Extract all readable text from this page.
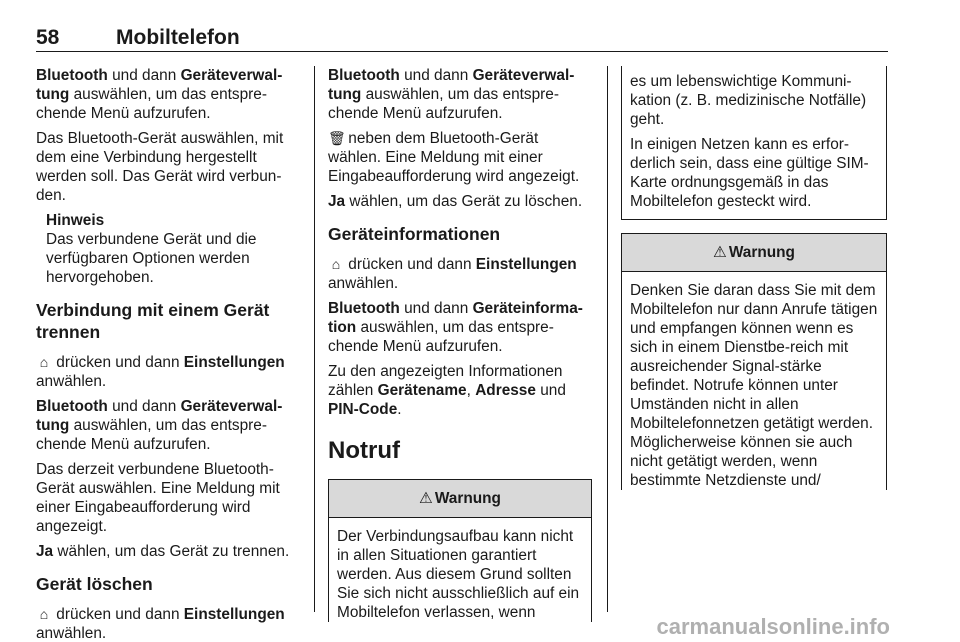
58	Mobiltelefon

Bluetooth und dann Geräteverwal- tung auswählen, um das entspre- chende Menü aufzurufen.

Das Bluetooth-Gerät auswählen, mit dem eine Verbindung hergestellt werden soll. Das Gerät wird verbun-den.

Hinweis
Das verbundene Gerät und die verfügbaren Optionen werden hervorgehoben.
Verbindung mit einem Gerät trennen

⌂ drücken und dann Einstellungen anwählen.

Bluetooth und dann Geräteverwal- tung auswählen, um das entspre- chende Menü aufzurufen.

Das derzeit verbundene Bluetooth-Gerät auswählen. Eine Meldung mit einer Eingabeaufforderung wird angezeigt.

Ja wählen, um das Gerät zu trennen.

Gerät löschen

⌂ drücken und dann Einstellungen anwählen.

Bluetooth und dann Geräteverwal- tung auswählen, um das entspre- chende Menü aufzurufen.

🗑 neben dem Bluetooth-Gerät wählen. Eine Meldung mit einer Eingabeaufforderung wird angezeigt.

Ja wählen, um das Gerät zu löschen.

Geräteinformationen

⌂ drücken und dann Einstellungen anwählen.

Bluetooth und dann Geräteinforma- tion auswählen, um das entspre- chende Menü aufzurufen.

Zu den angezeigten Informationen zählen Gerätename, Adresse und PIN-Code.

Notruf
⚠ Warnung
Der Verbindungsaufbau kann nicht in allen Situationen garantiert werden. Aus diesem Grund sollten Sie sich nicht ausschließlich auf ein Mobiltelefon verlassen, wenn

es um lebenswichtige Kommuni-kation (z. B. medizinische Notfälle) geht.

In einigen Netzen kann es erfor-derlich sein, dass eine gültige SIM-Karte ordnungsgemäß in das Mobiltelefon gesteckt wird.

⚠ Warnung
Denken Sie daran dass Sie mit dem Mobiltelefon nur dann Anrufe tätigen und empfangen können wenn es sich in einem Dienstbe-reich mit ausreichender Signal-stärke befindet. Notrufe können unter Umständen nicht in allen Mobiltelefonnetzen getätigt werden. Möglicherweise können sie auch nicht getätigt werden, wenn bestimmte Netzdienste und/
carmanualsonline.info
